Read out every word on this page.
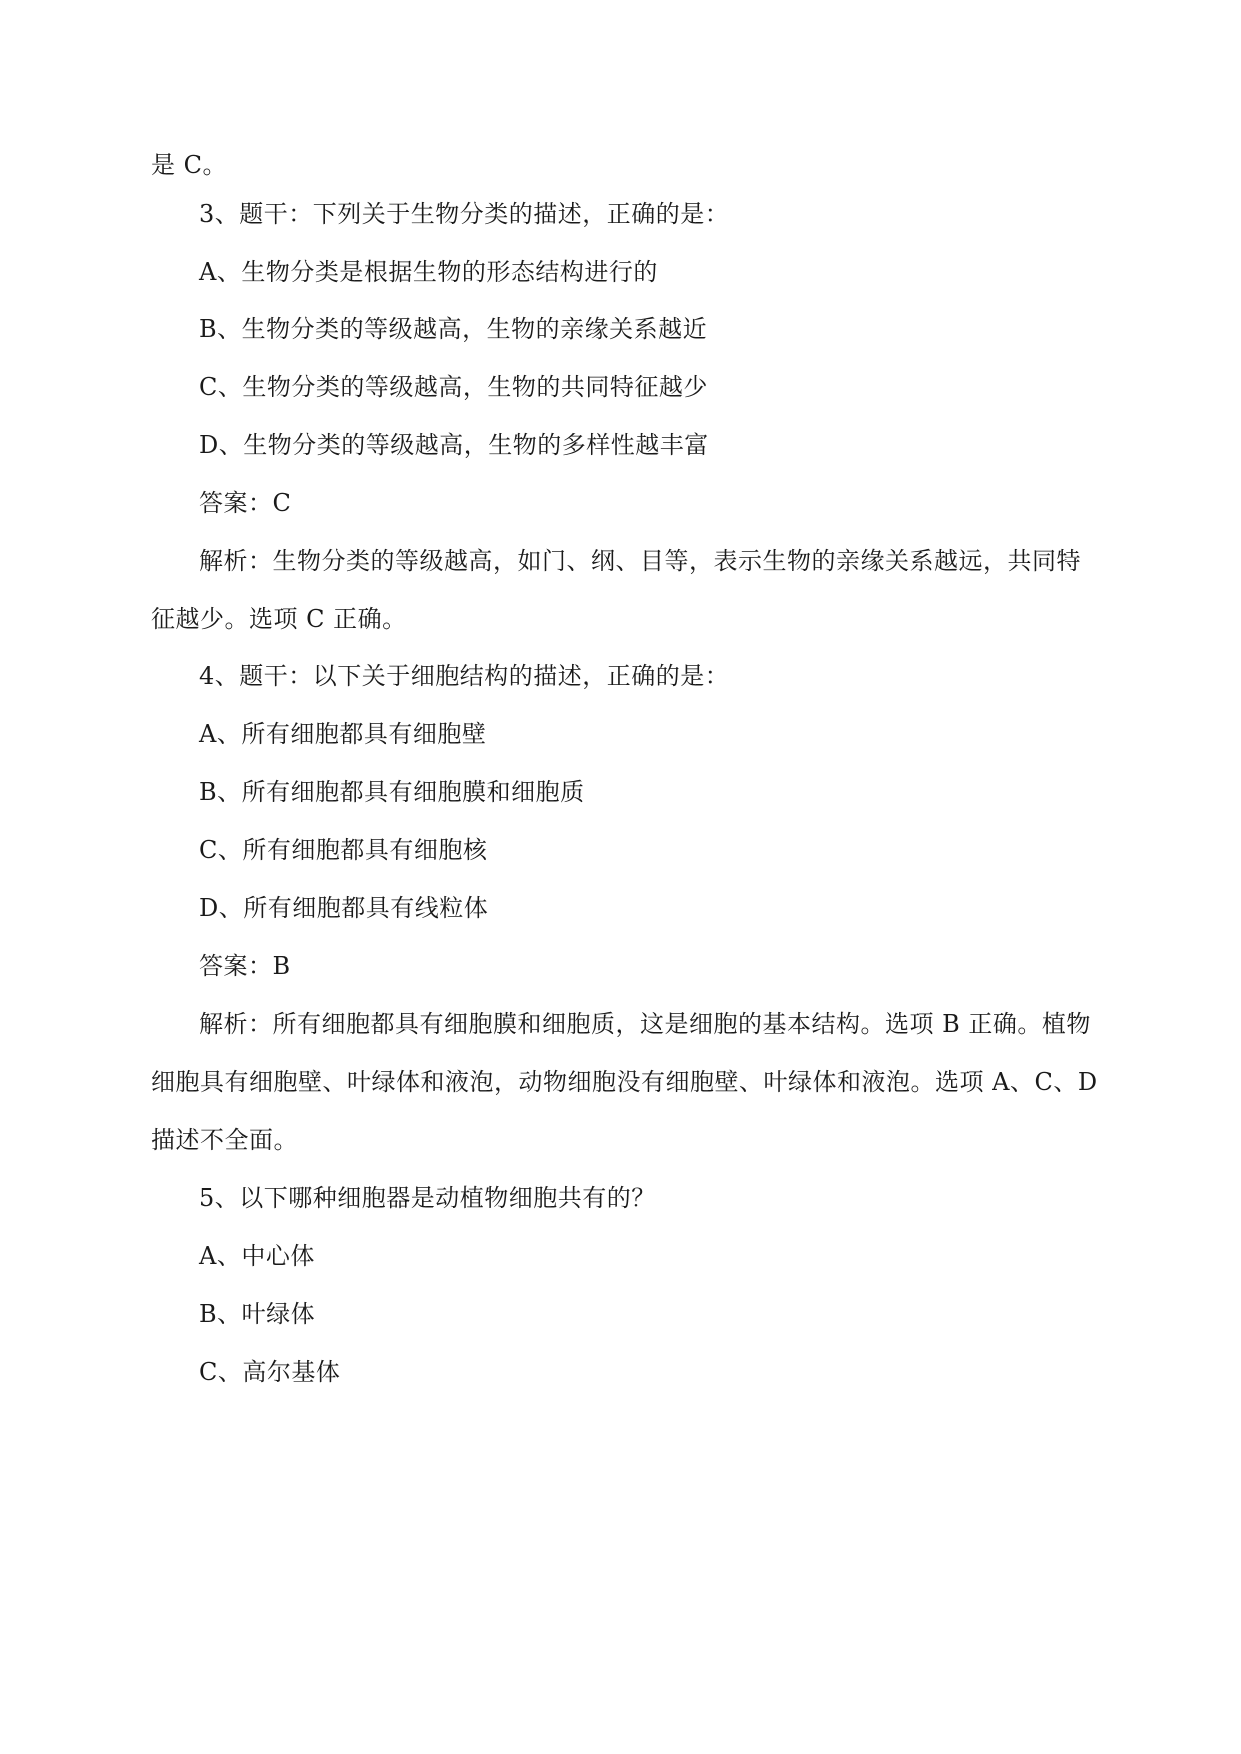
是 C。
3、题干：下列关于生物分类的描述，正确的是：
A、生物分类是根据生物的形态结构进行的
B、生物分类的等级越高，生物的亲缘关系越近
C、生物分类的等级越高，生物的共同特征越少
D、生物分类的等级越高，生物的多样性越丰富
答案：C
解析：生物分类的等级越高，如门、纲、目等，表示生物的亲缘关系越远，共同特
征越少。选项 C 正确。
4、题干：以下关于细胞结构的描述，正确的是：
A、所有细胞都具有细胞壁
B、所有细胞都具有细胞膜和细胞质
C、所有细胞都具有细胞核
D、所有细胞都具有线粒体
答案：B
解析：所有细胞都具有细胞膜和细胞质，这是细胞的基本结构。选项 B 正确。植物
细胞具有细胞壁、叶绿体和液泡，动物细胞没有细胞壁、叶绿体和液泡。选项 A、C、D
描述不全面。
5、以下哪种细胞器是动植物细胞共有的？
A、中心体
B、叶绿体
C、高尔基体
